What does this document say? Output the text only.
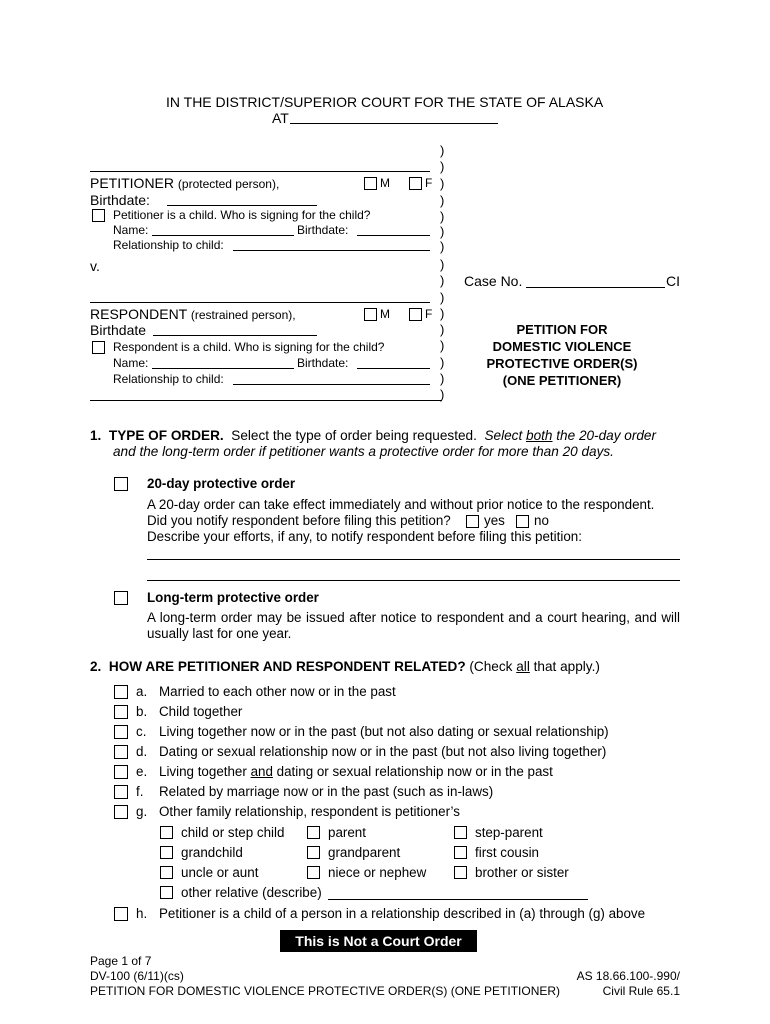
IN THE DISTRICT/SUPERIOR COURT FOR THE STATE OF ALASKA
AT
)
)
)
)
)
)
)
)
)
)
)
)
)
)
)
)
PETITIONER (protected person),	M	F
Birthdate:
Petitioner is a child. Who is signing for the child?
Name:	Birthdate:
Relationship to child:
v.
Case No.	CI
RESPONDENT (restrained person),	M	F
Birthdate
Respondent is a child. Who is signing for the child?
Name:	Birthdate:
Relationship to child:
PETITION FOR
DOMESTIC VIOLENCE
PROTECTIVE ORDER(S)
(ONE PETITIONER)
1. TYPE OF ORDER. Select the type of order being requested. Select both the 20-day order
and the long-term order if petitioner wants a protective order for more than 20 days.
20-day protective order
A 20-day order can take effect immediately and without prior notice to the respondent.
Did you notify respondent before filing this petition? yes no
Describe your efforts, if any, to notify respondent before filing this petition:
Long-term protective order
A long-term order may be issued after notice to respondent and a court hearing, and will usually last for one year.
2. HOW ARE PETITIONER AND RESPONDENT RELATED? (Check all that apply.)
a. Married to each other now or in the past
b. Child together
c. Living together now or in the past (but not also dating or sexual relationship)
d. Dating or sexual relationship now or in the past (but not also living together)
e. Living together and dating or sexual relationship now or in the past
f. Related by marriage now or in the past (such as in-laws)
g. Other family relationship, respondent is petitioner’s
child or step child	parent	step-parent
grandchild	grandparent	first cousin
uncle or aunt	niece or nephew	brother or sister
other relative (describe)
h. Petitioner is a child of a person in a relationship described in (a) through (g) above
This is Not a Court Order
Page 1 of 7
DV-100 (6/11)(cs)
PETITION FOR DOMESTIC VIOLENCE PROTECTIVE ORDER(S) (ONE PETITIONER)
AS 18.66.100-.990/
Civil Rule 65.1
